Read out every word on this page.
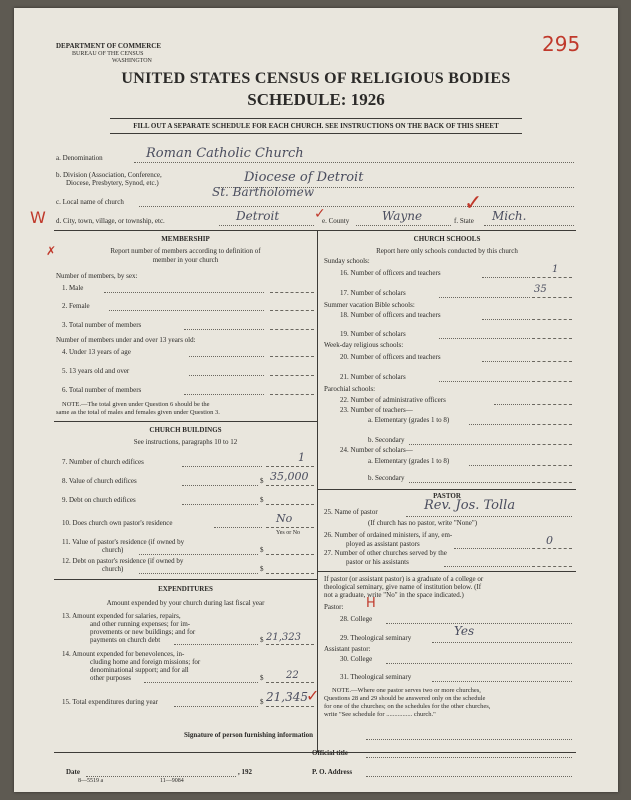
DEPARTMENT OF COMMERCE
BUREAU OF THE CENSUS
WASHINGTON
295
UNITED STATES CENSUS OF RELIGIOUS BODIES
SCHEDULE: 1926
FILL OUT A SEPARATE SCHEDULE FOR EACH CHURCH. SEE INSTRUCTIONS ON THE BACK OF THIS SHEET
a. Denomination	Roman Catholic Church
b. Division (Association, Conference,
Diocese, Presbytery, Synod, etc.)	Diocese of Detroit
St. Bartholomew
c. Local name of church
W d. City, town, village, or township, etc.	Detroit	e. County	Wayne	f. State Mich.
✓	✓
MEMBERSHIP
✗	Report number of members according to definition of
member in your church
Number of members, by sex:
1. Male
2. Female
3. Total number of members
Number of members under and over 13 years old:
4. Under 13 years of age
5. 13 years old and over
6. Total number of members
NOTE.—The total given under Question 6 should be the
same as the total of males and females given under Question 3.
CHURCH BUILDINGS
See instructions, paragraphs 10 to 12
7. Number of church edifices	1
8. Value of church edifices	$ 35,000
9. Debt on church edifices	$
10. Does church own pastor's residence	No
Yes or No
11. Value of pastor's residence (if owned by
church)	$
12. Debt on pastor's residence (if owned by
church)	$
EXPENDITURES
Amount expended by your church during last fiscal year
13. Amount expended for salaries, repairs,
and other running expenses; for im-
provements or new buildings; and for
payments on church debt	$ 21,323
14. Amount expended for benevolences, in-
cluding home and foreign missions; for
denominational support; and for all
other purposes	$ 22
15. Total expenditures during year	$ 21,345
✓
CHURCH SCHOOLS
Report here only schools conducted by this church
Sunday schools:
16. Number of officers and teachers	1
17. Number of scholars	35
Summer vacation Bible schools:
18. Number of officers and teachers
19. Number of scholars
Week-day religious schools:
20. Number of officers and teachers
21. Number of scholars
Parochial schools:
22. Number of administrative officers
23. Number of teachers—
a. Elementary (grades 1 to 8)
b. Secondary
24. Number of scholars—
a. Elementary (grades 1 to 8)
b. Secondary
PASTOR
25. Name of pastor	Rev. Jos. Tolla
(If church has no pastor, write "None")
26. Number of ordained ministers, if any, em-
ployed as assistant pastors	0
27. Number of other churches served by the
pastor or his assistants
If pastor (or assistant pastor) is a graduate of a college or
theological seminary, give name of institution below. (If
not a graduate, write "No" in the space indicated.)
Pastor: H
28. College
29. Theological seminary	Yes
Assistant pastor:
30. College
31. Theological seminary
NOTE.—Where one pastor serves two or more churches,
Questions 28 and 29 should be answered only on the schedule
for one of the churches; on the schedules for the other churches,
write "See schedule for ................ church."
Signature of person furnishing information
Official title
Date	, 192	P. O. Address
8—5519 a	11—9084
